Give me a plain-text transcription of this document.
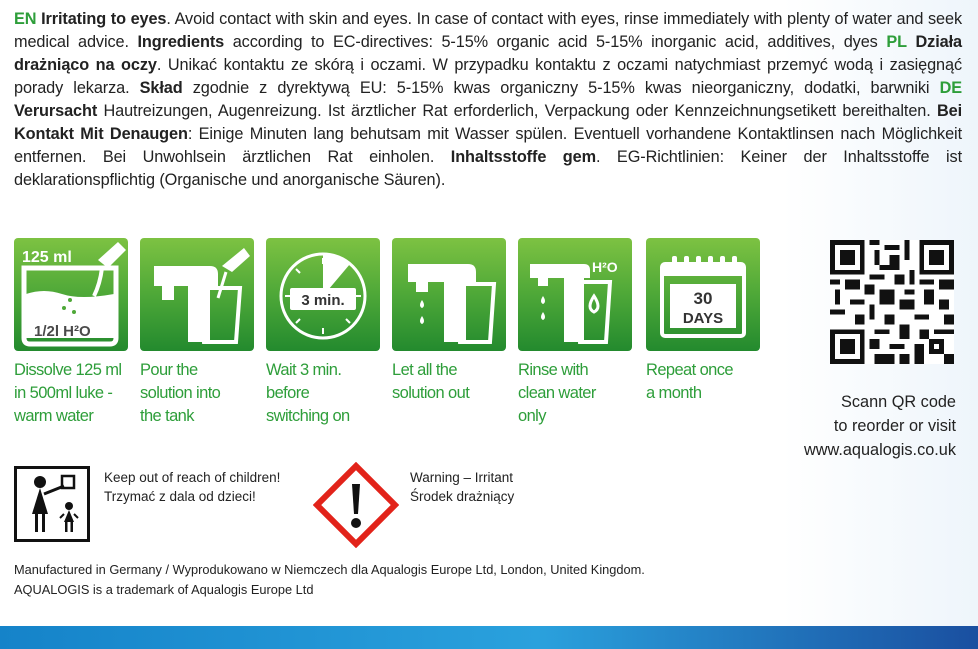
EN Irritating to eyes. Avoid contact with skin and eyes. In case of contact with eyes, rinse immediately with plenty of water and seek medical advice. Ingredients according to EC-directives: 5-15% organic acid 5-15% inorganic acid, additives, dyes PL Działa drażniąco na oczy. Unikać kontaktu ze skórą i oczami. W przypadku kontaktu z oczami natychmiast przemyć wodą i zasięgnąć porady lekarza. Skład zgodnie z dyrektywą EU: 5-15% kwas organiczny 5-15% kwas nieorganiczny, dodatki, barwniki DE Verursacht Hautreizungen, Augenreizung. Ist ärztlicher Rat erforderlich, Verpackung oder Kennzeichnungsetikett bereithalten. Bei Kontakt Mit Denaugen: Einige Minuten lang behutsam mit Wasser spülen. Eventuell vorhandene Kontaktlinsen nach Möglichkeit entfernen. Bei Unwohlsein ärztlichen Rat einholen. Inhaltsstoffe gem. EG-Richtlinien: Keiner der Inhaltsstoffe ist deklarationspflichtig (Organische und anorganische Säuren).
125 ml
1/2l H²O
Dissolve 125 ml
in 500ml luke -
warm water
Pour the
solution into
the tank
3 min.
Wait 3 min.
before
switching on
Let all the
solution out
H²O
Rinse with
clean water
only
30
DAYS
Repeat once
a month	Scann QR code
to reorder or visit
www.aqualogis.co.uk
Keep out of reach of children!
Trzymać z dala od dzieci!
Warning – Irritant
Środek drażniący
Manufactured in Germany / Wyprodukowano w Niemczech dla Aqualogis Europe Ltd, London, United Kingdom.
AQUALOGIS is a trademark of Aqualogis Europe Ltd
